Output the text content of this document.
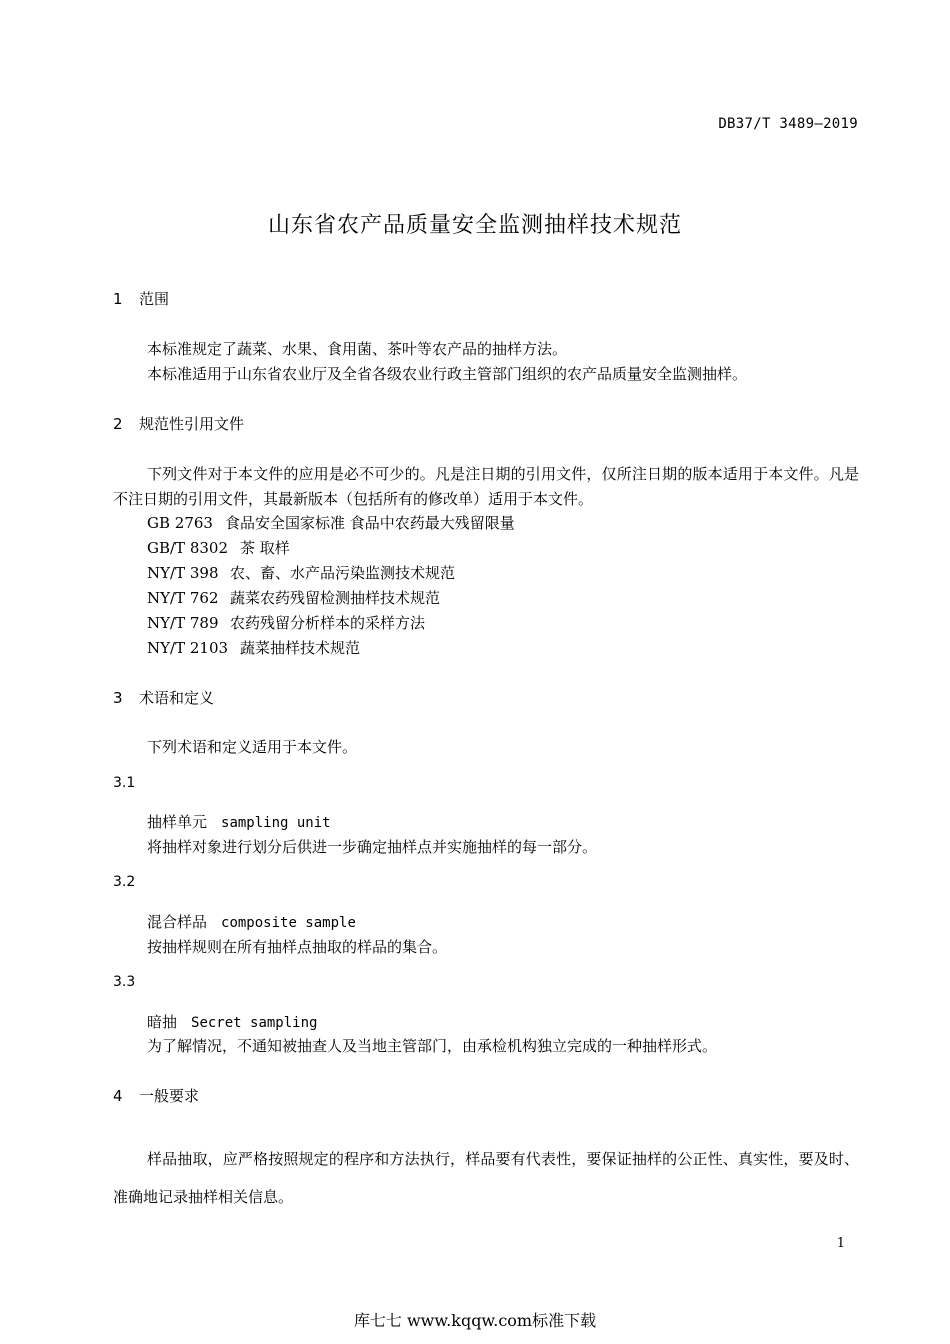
DB37/T 3489—2019
山东省农产品质量安全监测抽样技术规范
1 范围
本标准规定了蔬菜、水果、食用菌、茶叶等农产品的抽样方法。
本标准适用于山东省农业厅及全省各级农业行政主管部门组织的农产品质量安全监测抽样。
2 规范性引用文件
下列文件对于本文件的应用是必不可少的。凡是注日期的引用文件，仅所注日期的版本适用于本文件。凡是不注日期的引用文件，其最新版本（包括所有的修改单）适用于本文件。
GB 2763 食品安全国家标准 食品中农药最大残留限量
GB/T 8302 茶 取样
NY/T 398 农、畜、水产品污染监测技术规范
NY/T 762 蔬菜农药残留检测抽样技术规范
NY/T 789 农药残留分析样本的采样方法
NY/T 2103 蔬菜抽样技术规范
3 术语和定义
下列术语和定义适用于本文件。
3.1
抽样单元 sampling unit
将抽样对象进行划分后供进一步确定抽样点并实施抽样的每一部分。
3.2
混合样品 composite sample
按抽样规则在所有抽样点抽取的样品的集合。
3.3
暗抽 Secret sampling
为了解情况，不通知被抽查人及当地主管部门，由承检机构独立完成的一种抽样形式。
4 一般要求
样品抽取，应严格按照规定的程序和方法执行，样品要有代表性，要保证抽样的公正性、真实性，要及时、准确地记录抽样相关信息。
1
库七七 www.kqqw.com标准下载
